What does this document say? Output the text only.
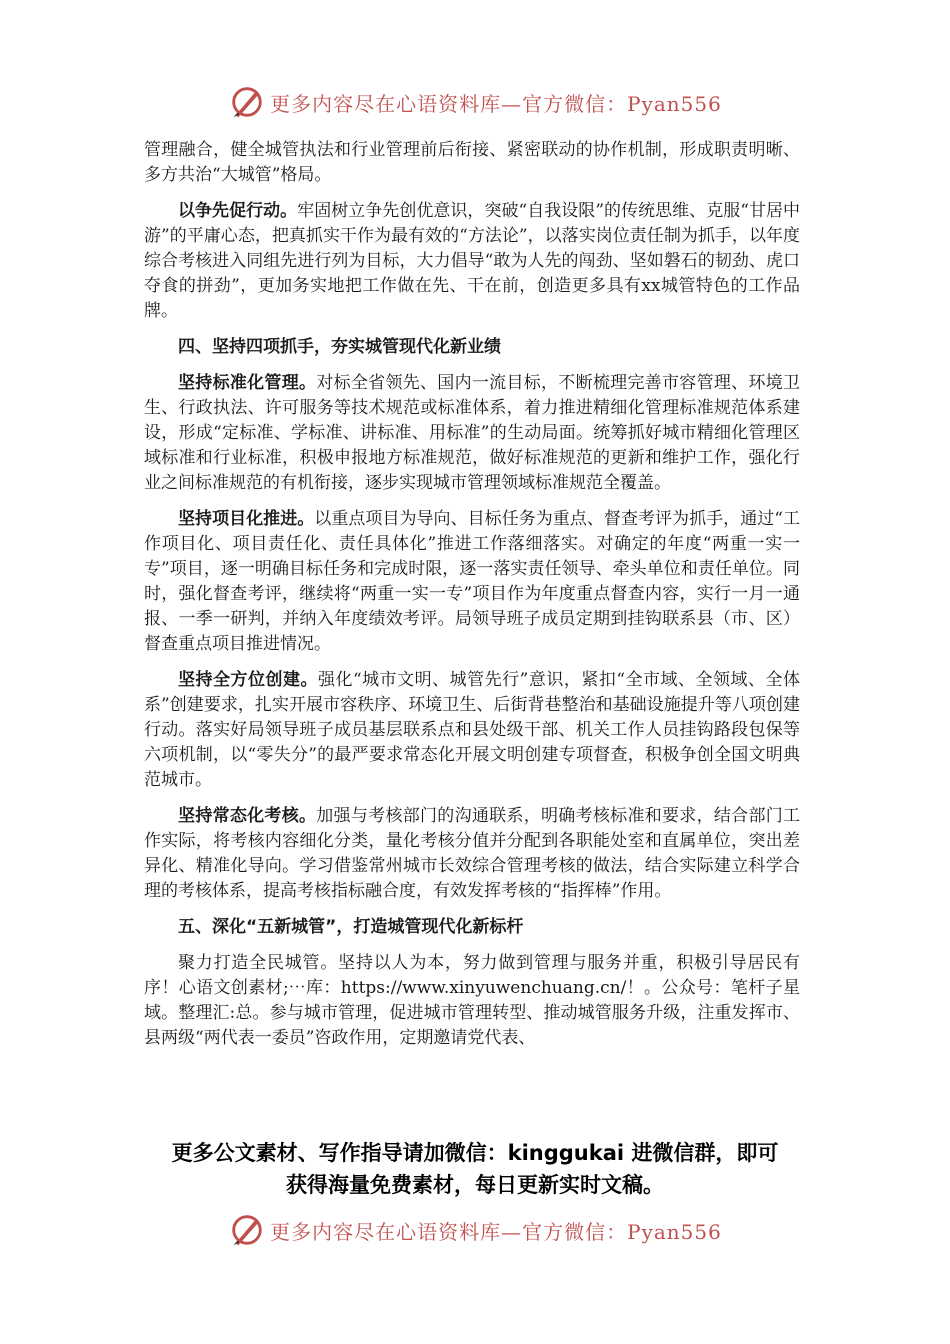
更多内容尽在心语资料库—官方微信：Pyan556

管理融合，健全城管执法和行业管理前后衔接、紧密联动的协作机制，形成职责明晰、多方共治“大城管”格局。

以争先促行动。牢固树立争先创优意识，突破“自我设限”的传统思维、克服“甘居中游”的平庸心态，把真抓实干作为最有效的“方法论”，以落实岗位责任制为抓手，以年度综合考核进入同组先进行列为目标，大力倡导“敢为人先的闯劲、坚如磐石的韧劲、虎口夺食的拼劲”，更加务实地把工作做在先、干在前，创造更多具有xx城管特色的工作品牌。

四、坚持四项抓手，夯实城管现代化新业绩

坚持标准化管理。对标全省领先、国内一流目标，不断梳理完善市容管理、环境卫生、行政执法、许可服务等技术规范或标准体系，着力推进精细化管理标准规范体系建设，形成“定标准、学标准、讲标准、用标准”的生动局面。统筹抓好城市精细化管理区域标准和行业标准，积极申报地方标准规范，做好标准规范的更新和维护工作，强化行业之间标准规范的有机衔接，逐步实现城市管理领域标准规范全覆盖。

坚持项目化推进。以重点项目为导向、目标任务为重点、督查考评为抓手，通过“工作项目化、项目责任化、责任具体化”推进工作落细落实。对确定的年度“两重一实一专”项目，逐一明确目标任务和完成时限，逐一落实责任领导、牵头单位和责任单位。同时，强化督查考评，继续将“两重一实一专”项目作为年度重点督查内容，实行一月一通报、一季一研判，并纳入年度绩效考评。局领导班子成员定期到挂钩联系县（市、区）督查重点项目推进情况。

坚持全方位创建。强化“城市文明、城管先行”意识，紧扣“全市域、全领域、全体系”创建要求，扎实开展市容秩序、环境卫生、后街背巷整治和基础设施提升等八项创建行动。落实好局领导班子成员基层联系点和县处级干部、机关工作人员挂钩路段包保等六项机制，以“零失分”的最严要求常态化开展文明创建专项督查，积极争创全国文明典范城市。

坚持常态化考核。加强与考核部门的沟通联系，明确考核标准和要求，结合部门工作实际，将考核内容细化分类，量化考核分值并分配到各职能处室和直属单位，突出差异化、精准化导向。学习借鉴常州城市长效综合管理考核的做法，结合实际建立科学合理的考核体系，提高考核指标融合度，有效发挥考核的“指挥棒”作用。

五、深化“五新城管”，打造城管现代化新标杆

聚力打造全民城管。坚持以人为本，努力做到管理与服务并重，积极引导居民有序！心语文创素材;⋯库：https://www.xinyuwenchuang.cn/！。公众号：笔杆子星域。整理汇:总。参与城市管理，促进城市管理转型、推动城管服务升级，注重发挥市、县两级“两代表一委员”咨政作用，定期邀请党代表、

更多公文素材、写作指导请加微信：kinggukai 进微信群，即可
获得海量免费素材，每日更新实时文稿。
更多内容尽在心语资料库—官方微信：Pyan556
